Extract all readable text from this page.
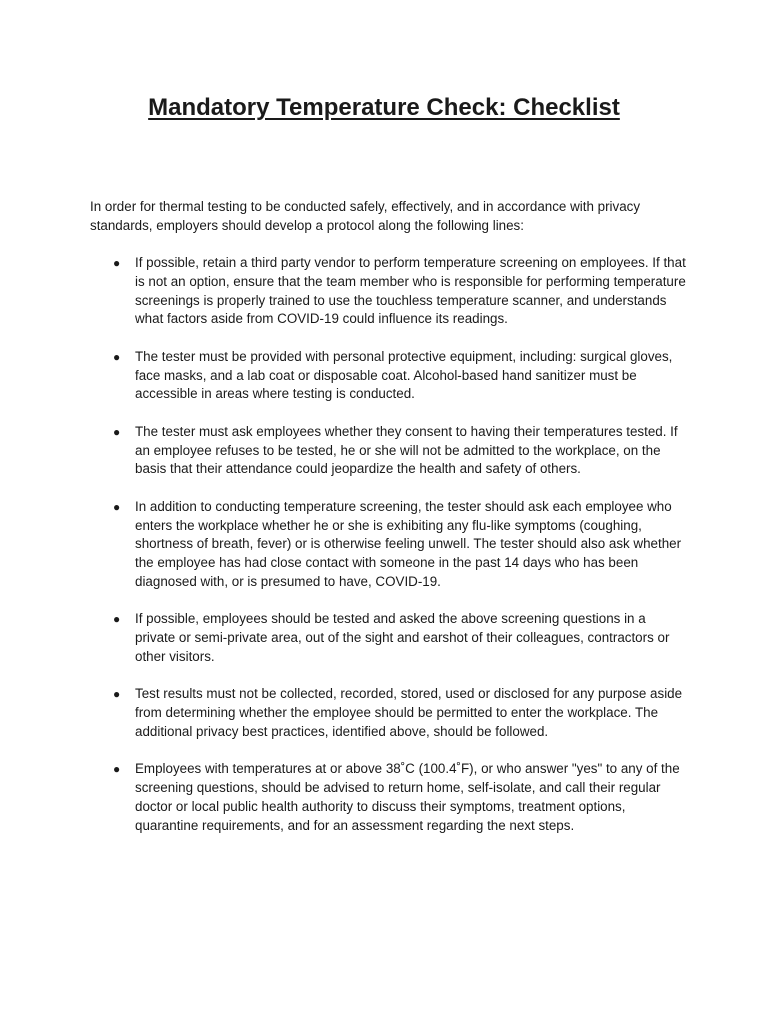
Mandatory Temperature Check: Checklist

In order for thermal testing to be conducted safely, effectively, and in accordance with privacy standards, employers should develop a protocol along the following lines:

● If possible, retain a third party vendor to perform temperature screening on employees. If that is not an option, ensure that the team member who is responsible for performing temperature screenings is properly trained to use the touchless temperature scanner, and understands what factors aside from COVID-19 could influence its readings.
● The tester must be provided with personal protective equipment, including: surgical gloves, face masks, and a lab coat or disposable coat. Alcohol-based hand sanitizer must be accessible in areas where testing is conducted.
● The tester must ask employees whether they consent to having their temperatures tested. If an employee refuses to be tested, he or she will not be admitted to the workplace, on the basis that their attendance could jeopardize the health and safety of others.
● In addition to conducting temperature screening, the tester should ask each employee who enters the workplace whether he or she is exhibiting any flu-like symptoms (coughing, shortness of breath, fever) or is otherwise feeling unwell. The tester should also ask whether the employee has had close contact with someone in the past 14 days who has been diagnosed with, or is presumed to have, COVID-19.
● If possible, employees should be tested and asked the above screening questions in a private or semi-private area, out of the sight and earshot of their colleagues, contractors or other visitors.
● Test results must not be collected, recorded, stored, used or disclosed for any purpose aside from determining whether the employee should be permitted to enter the workplace. The additional privacy best practices, identified above, should be followed.
● Employees with temperatures at or above 38˚C (100.4˚F), or who answer "yes" to any of the screening questions, should be advised to return home, self-isolate, and call their regular doctor or local public health authority to discuss their symptoms, treatment options, quarantine requirements, and for an assessment regarding the next steps.
